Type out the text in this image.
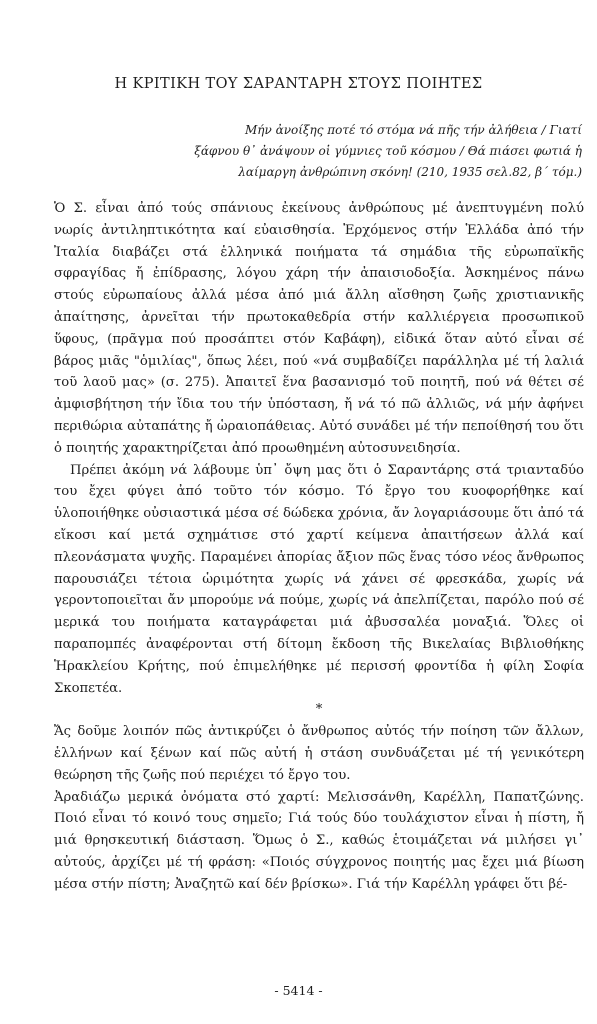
Η ΚΡΙΤΙΚΗ ΤΟΥ ΣΑΡΑΝΤΑΡΗ ΣΤΟΥΣ ΠΟΙΗΤΕΣ
Μήν ἀνοίξης ποτέ τό στόμα νά πῆς τήν ἀλήθεια / Γιατί
ξάφνου θ᾽ ἀνάψουν οἱ γύμνιες τοῦ κόσμου / Θά πιάσει φωτιά ἡ
λαίμαργη ἀνθρώπινη σκόνη! (210, 1935 σελ.82, β΄ τόμ.)

Ὁ Σ. εἶναι ἀπό τούς σπάνιους ἐκείνους ἀνθρώπους μέ ἀνεπτυγμένη πολύ νωρίς ἀντιληπτικότητα καί εὐαισθησία. Ἐρχόμενος στήν Ἑλλάδα ἀπό τήν Ἰταλία διαβάζει στά ἑλληνικά ποιήματα τά σημάδια τῆς εὐρωπαϊκῆς σφραγίδας ἤ ἐπίδρασης, λόγου χάρη τήν ἀπαισιοδοξία. Ἀσκημένος πάνω στούς εὐρωπαίους ἀλλά μέσα ἀπό μιά ἄλλη αἴσθηση ζωῆς χριστιανικῆς ἀπαίτησης, ἀρνεῖται τήν πρωτοκαθεδρία στήν καλλιέργεια προσωπικοῦ ὕφους, (πρᾶγμα πού προσάπτει στόν Καβάφη), εἰδικά ὅταν αὐτό εἶναι σέ βάρος μιᾶς "ὁμιλίας", ὅπως λέει, πού «νά συμβαδίζει παράλληλα μέ τή λαλιά τοῦ λαοῦ μας» (σ. 275). Ἀπαιτεῖ ἕνα βασανισμό τοῦ ποιητῆ, πού νά θέτει σέ ἀμφισβήτηση τήν ἴδια του τήν ὑπόσταση, ἤ νά τό πῶ ἀλλιῶς, νά μήν ἀφήνει περιθώρια αὐταπάτης ἤ ὡραιοπάθειας. Αὐτό συνάδει μέ τήν πεποίθησή του ὅτι ὁ ποιητής χαρακτηρίζεται ἀπό προωθημένη αὐτοσυνειδησία.

Πρέπει ἀκόμη νά λάβουμε ὑπ᾽ ὄψη μας ὅτι ὁ Σαραντάρης στά τριανταδύο του ἔχει φύγει ἀπό τοῦτο τόν κόσμο. Τό ἔργο του κυοφορήθηκε καί ὑλοποιήθηκε οὐσιαστικά μέσα σέ δώδεκα χρόνια, ἄν λογαριάσουμε ὅτι ἀπό τά εἴκοσι καί μετά σχημάτισε στό χαρτί κείμενα ἀπαιτήσεων ἀλλά καί πλεονάσματα ψυχῆς. Παραμένει ἀπορίας ἄξιον πῶς ἕνας τόσο νέος ἄνθρωπος παρουσιάζει τέτοια ὡριμότητα χωρίς νά χάνει σέ φρεσκάδα, χωρίς νά γεροντοποιεῖται ἄν μπορούμε νά πούμε, χωρίς νά ἀπελπίζεται, παρόλο πού σέ μερικά του ποιήματα καταγράφεται μιά ἀβυσσαλέα μοναξιά. Ὅλες οἱ παραπομπές ἀναφέρονται στή δίτομη ἔκδοση τῆς Βικελαίας Βιβλιοθήκης Ἡρακλείου Κρήτης, πού ἐπιμελήθηκε μέ περισσή φροντίδα ἡ φίλη Σοφία Σκοπετέα.

*

Ἄς δοῦμε λοιπόν πῶς ἀντικρύζει ὁ ἄνθρωπος αὐτός τήν ποίηση τῶν ἄλλων, ἑλλήνων καί ξένων καί πῶς αὐτή ἡ στάση συνδυάζεται μέ τή γενικότερη θεώρηση τῆς ζωῆς πού περιέχει τό ἔργο του.

Ἀραδιάζω μερικά ὀνόματα στό χαρτί: Μελισσάνθη, Καρέλλη, Παπατζώνης. Ποιό εἶναι τό κοινό τους σημεῖο; Γιά τούς δύο τουλάχιστον εἶναι ἡ πίστη, ἤ μιά θρησκευτική διάσταση. Ὅμως ὁ Σ., καθώς ἑτοιμάζεται νά μιλήσει γι᾽ αὐτούς, ἀρχίζει μέ τή φράση: «Ποιός σύγχρονος ποιητής μας ἔχει μιά βίωση μέσα στήν πίστη; Ἀναζητῶ καί δέν βρίσκω». Γιά τήν Καρέλλη γράφει ὅτι βέ-

- 5414 -
